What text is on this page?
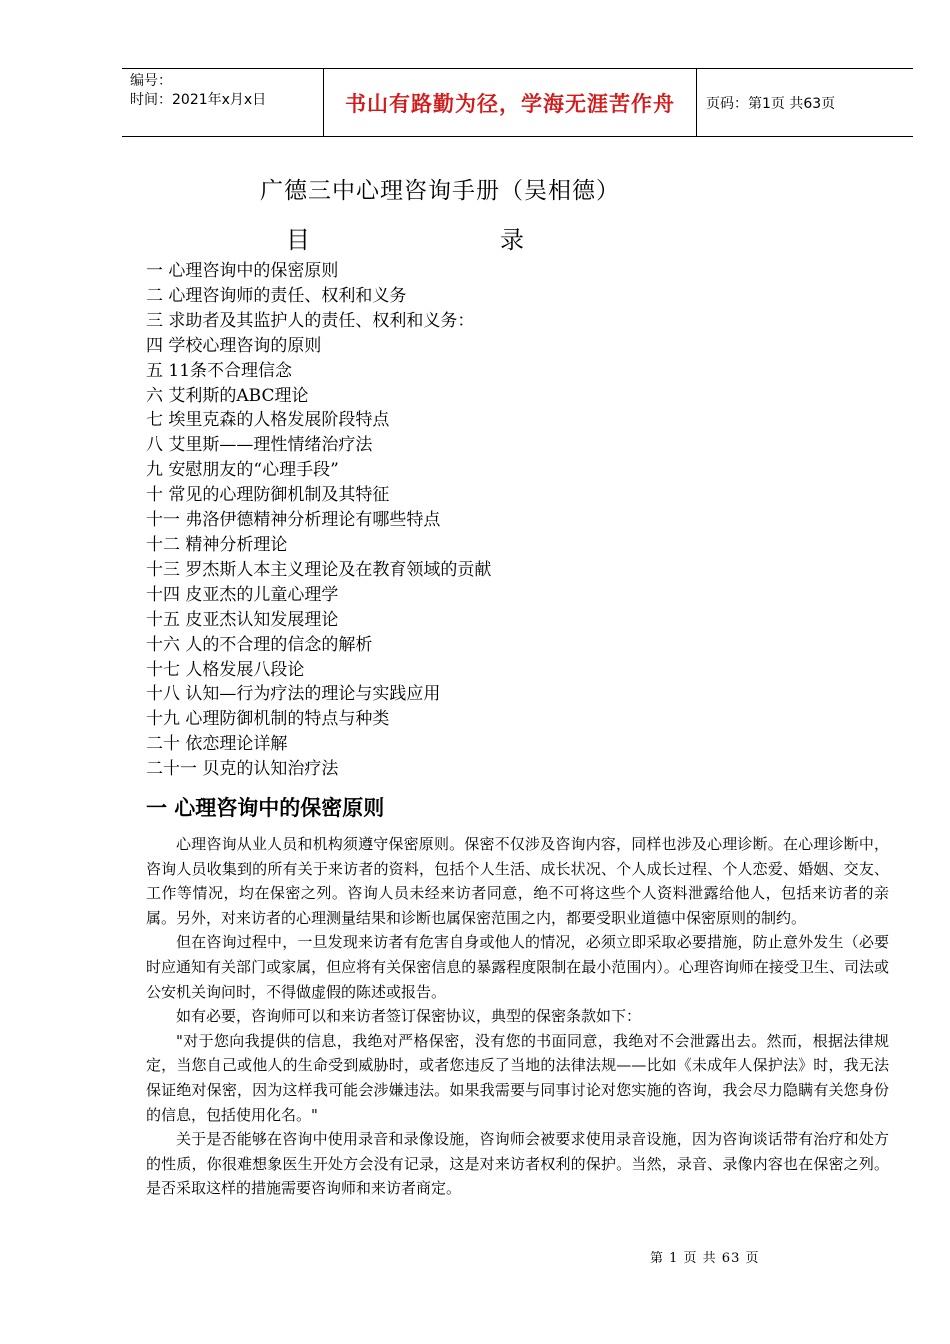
编号：
时间：2021年x月x日	书山有路勤为径，学海无涯苦作舟	页码：第1页 共63页
广德三中心理咨询手册（吴相德）
目	录
一 心理咨询中的保密原则
二 心理咨询师的责任、权利和义务
三 求助者及其监护人的责任、权利和义务：
四 学校心理咨询的原则
五 11条不合理信念
六 艾利斯的ABC理论
七 埃里克森的人格发展阶段特点
八 艾里斯——理性情绪治疗法
九 安慰朋友的“心理手段”
十 常见的心理防御机制及其特征
十一 弗洛伊德精神分析理论有哪些特点
十二 精神分析理论
十三 罗杰斯人本主义理论及在教育领域的贡献
十四 皮亚杰的儿童心理学
十五 皮亚杰认知发展理论
十六 人的不合理的信念的解析
十七 人格发展八段论
十八 认知—行为疗法的理论与实践应用
十九 心理防御机制的特点与种类
二十 依恋理论详解
二十一 贝克的认知治疗法
一 心理咨询中的保密原则

心理咨询从业人员和机构须遵守保密原则。保密不仅涉及咨询内容，同样也涉及心理诊断。在心理诊断中，咨询人员收集到的所有关于来访者的资料，包括个人生活、成长状况、个人成长过程、个人恋爱、婚姻、交友、工作等情况，均在保密之列。咨询人员未经来访者同意，绝不可将这些个人资料泄露给他人，包括来访者的亲属。另外，对来访者的心理测量结果和诊断也属保密范围之内，都要受职业道德中保密原则的制约。

但在咨询过程中，一旦发现来访者有危害自身或他人的情况，必须立即采取必要措施，防止意外发生（必要时应通知有关部门或家属，但应将有关保密信息的暴露程度限制在最小范围内）。心理咨询师在接受卫生、司法或公安机关询问时，不得做虚假的陈述或报告。

如有必要，咨询师可以和来访者签订保密协议，典型的保密条款如下：

"对于您向我提供的信息，我绝对严格保密，没有您的书面同意，我绝对不会泄露出去。然而，根据法律规定，当您自己或他人的生命受到威胁时，或者您违反了当地的法律法规——比如《未成年人保护法》时，我无法保证绝对保密，因为这样我可能会涉嫌违法。如果我需要与同事讨论对您实施的咨询，我会尽力隐瞒有关您身份的信息，包括使用化名。"

关于是否能够在咨询中使用录音和录像设施，咨询师会被要求使用录音设施，因为咨询谈话带有治疗和处方的性质，你很难想象医生开处方会没有记录，这是对来访者权利的保护。当然，录音、录像内容也在保密之列。是否采取这样的措施需要咨询师和来访者商定。

第 1 页 共 63 页
